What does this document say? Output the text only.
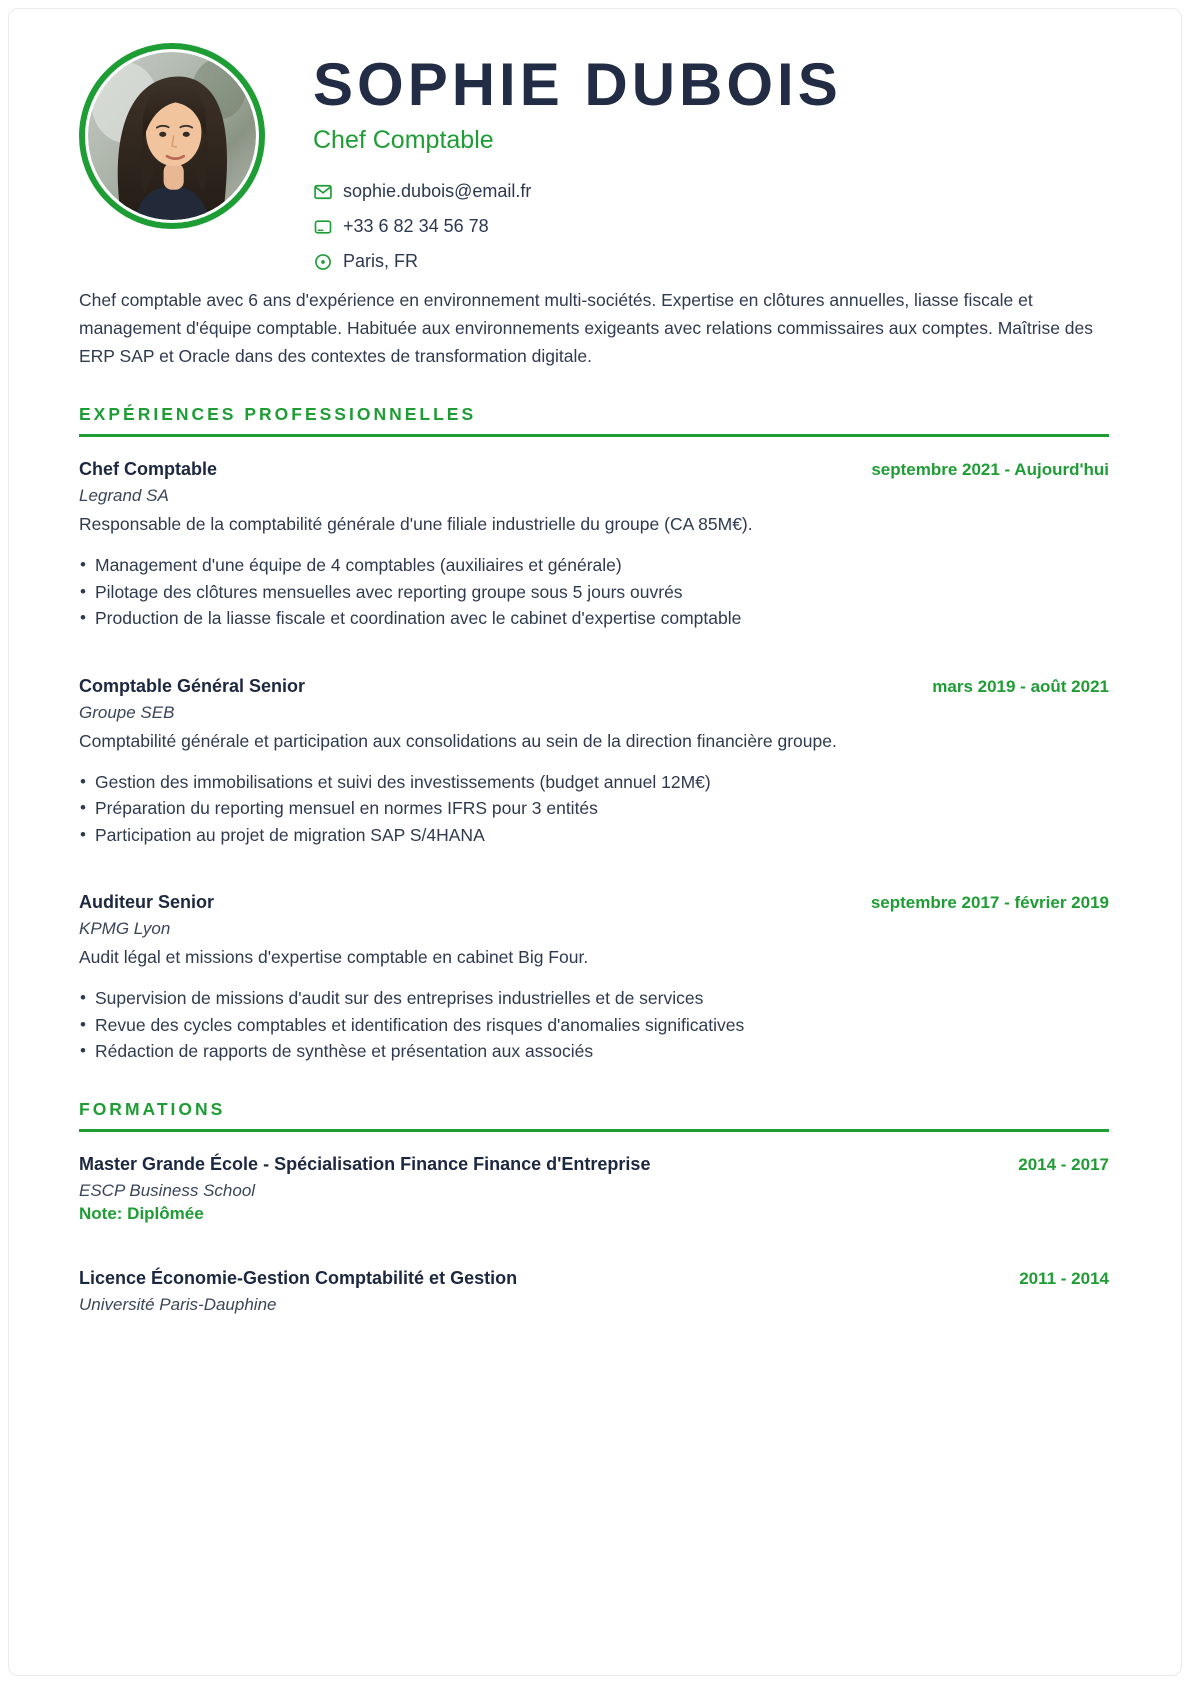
SOPHIE DUBOIS
Chef Comptable
sophie.dubois@email.fr
+33 6 82 34 56 78
Paris, FR

Chef comptable avec 6 ans d'expérience en environnement multi-sociétés. Expertise en clôtures annuelles, liasse fiscale et management d'équipe comptable. Habituée aux environnements exigeants avec relations commissaires aux comptes. Maîtrise des ERP SAP et Oracle dans des contextes de transformation digitale.

EXPÉRIENCES PROFESSIONNELLES
Chef Comptable	septembre 2021 - Aujourd'hui
Legrand SA
Responsable de la comptabilité générale d'une filiale industrielle du groupe (CA 85M€).
• Management d'une équipe de 4 comptables (auxiliaires et générale)
• Pilotage des clôtures mensuelles avec reporting groupe sous 5 jours ouvrés
• Production de la liasse fiscale et coordination avec le cabinet d'expertise comptable
Comptable Général Senior	mars 2019 - août 2021
Groupe SEB
Comptabilité générale et participation aux consolidations au sein de la direction financière groupe.
• Gestion des immobilisations et suivi des investissements (budget annuel 12M€)
• Préparation du reporting mensuel en normes IFRS pour 3 entités
• Participation au projet de migration SAP S/4HANA
Auditeur Senior	septembre 2017 - février 2019
KPMG Lyon
Audit légal et missions d'expertise comptable en cabinet Big Four.
• Supervision de missions d'audit sur des entreprises industrielles et de services
• Revue des cycles comptables et identification des risques d'anomalies significatives
• Rédaction de rapports de synthèse et présentation aux associés
FORMATIONS
Master Grande École - Spécialisation Finance Finance d'Entreprise	2014 - 2017
ESCP Business School
Note: Diplômée
Licence Économie-Gestion Comptabilité et Gestion	2011 - 2014
Université Paris-Dauphine
